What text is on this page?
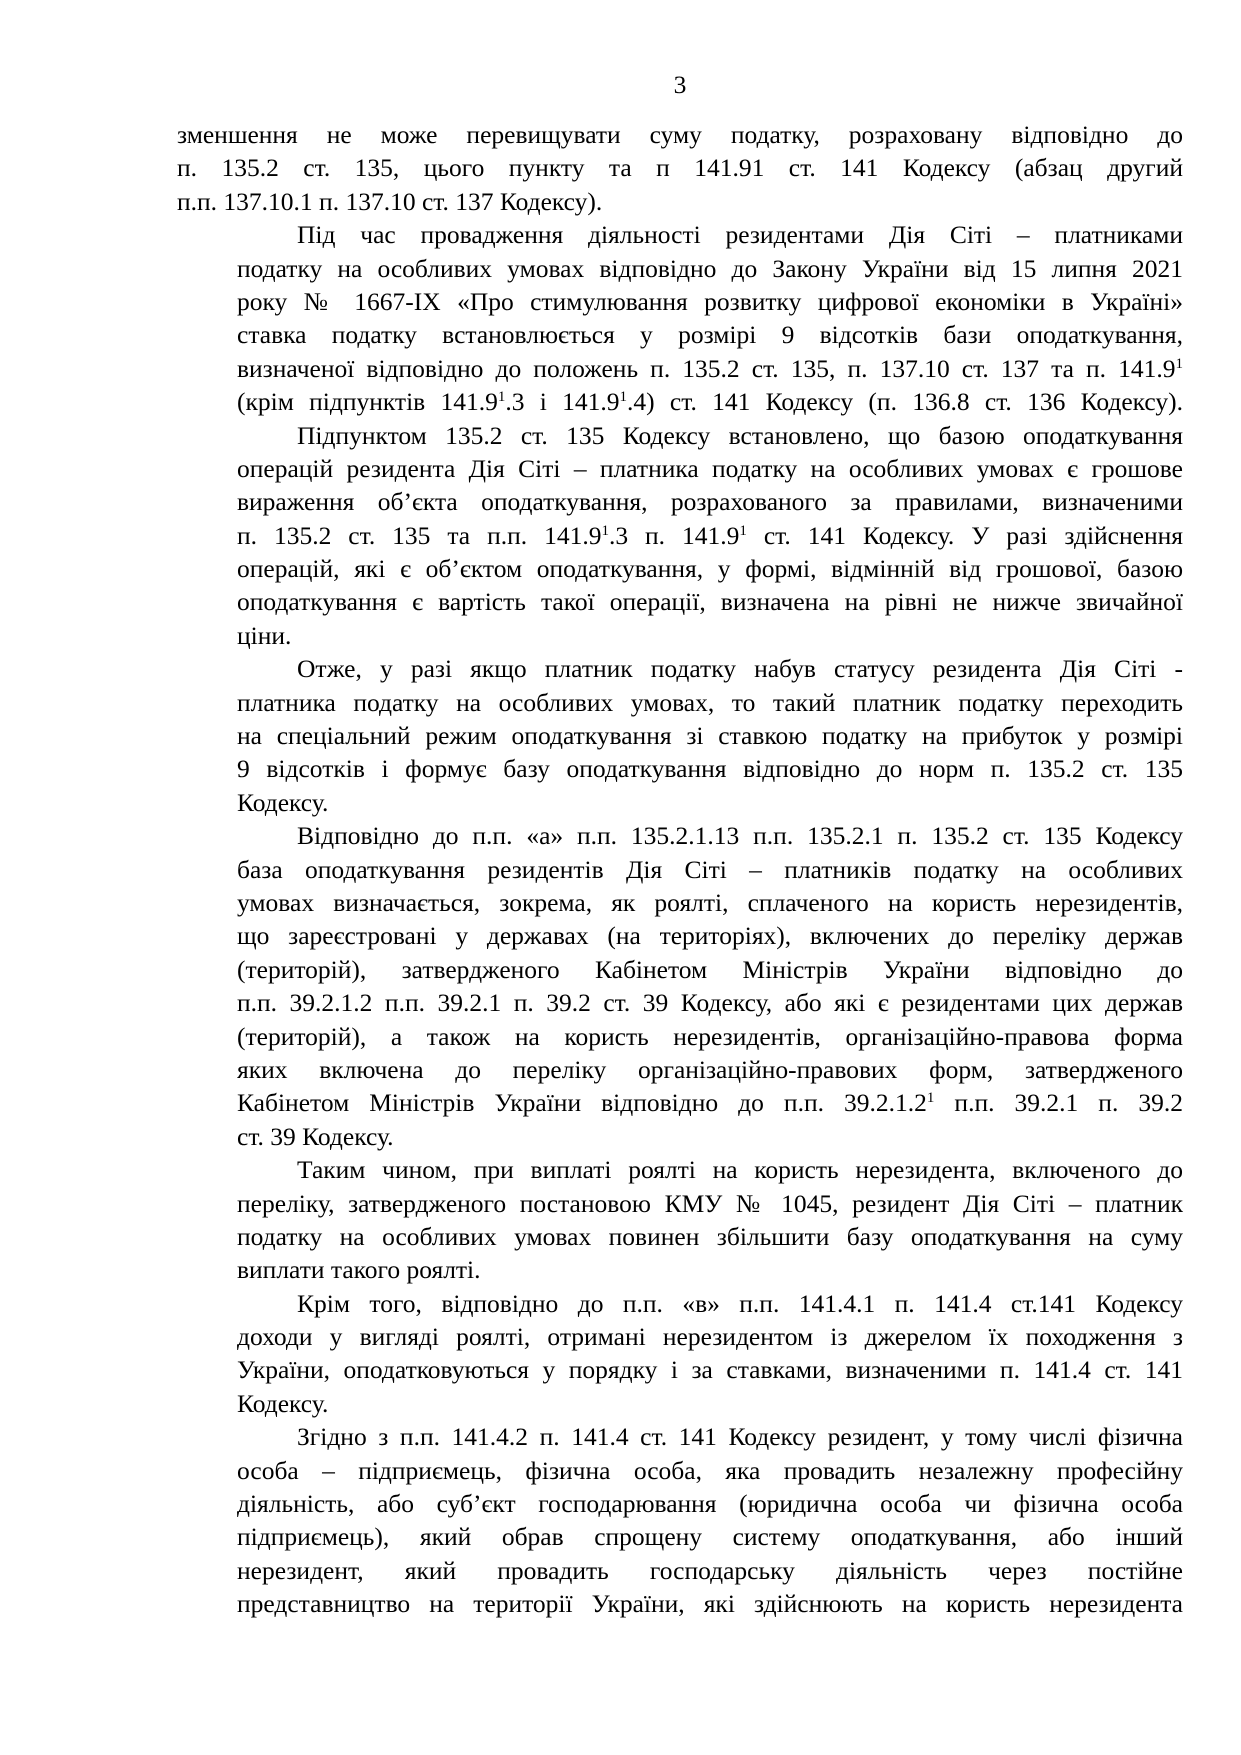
3
зменшення не може перевищувати суму податку, розраховану відповідно до
п. 135.2 ст. 135, цього пункту та п 141.91 ст. 141 Кодексу (абзац другий
п.п. 137.10.1 п. 137.10 ст. 137 Кодексу).
Під час провадження діяльності резидентами Дія Сіті – платниками
податку на особливих умовах відповідно до Закону України від 15 липня 2021
року № 1667-IX «Про стимулювання розвитку цифрової економіки в Україні»
ставка податку встановлюється у розмірі 9 відсотків бази оподаткування,
визначеної відповідно до положень п. 135.2 ст. 135, п. 137.10 ст. 137 та п. 141.9$^1$
(крім підпунктів 141.9$^1$.3 і 141.9$^1$.4) ст. 141 Кодексу (п. 136.8 ст. 136 Кодексу).
Підпунктом 135.2 ст. 135 Кодексу встановлено, що базою оподаткування
операцій резидента Дія Сіті – платника податку на особливих умовах є грошове
вираження об’єкта оподаткування, розрахованого за правилами, визначеними
п. 135.2 ст. 135 та п.п. 141.9$^1$.3 п. 141.9$^1$ ст. 141 Кодексу. У разі здійснення
операцій, які є об’єктом оподаткування, у формі, відмінній від грошової, базою
оподаткування є вартість такої операції, визначена на рівні не нижче звичайної
ціни.
Отже, у разі якщо платник податку набув статусу резидента Дія Сіті -
платника податку на особливих умовах, то такий платник податку переходить
на спеціальний режим оподаткування зі ставкою податку на прибуток у розмірі
9 відсотків і формує базу оподаткування відповідно до норм п. 135.2 ст. 135
Кодексу.
Відповідно до п.п. «а» п.п. 135.2.1.13 п.п. 135.2.1 п. 135.2 ст. 135 Кодексу
база оподаткування резидентів Дія Сіті – платників податку на особливих
умовах визначається, зокрема, як роялті, сплаченого на користь нерезидентів,
що зареєстровані у державах (на територіях), включених до переліку держав
(територій), затвердженого Кабінетом Міністрів України відповідно до
п.п. 39.2.1.2 п.п. 39.2.1 п. 39.2 ст. 39 Кодексу, або які є резидентами цих держав
(територій), а також на користь нерезидентів, організаційно-правова форма
яких включена до переліку організаційно-правових форм, затвердженого
Кабінетом Міністрів України відповідно до п.п. 39.2.1.2$^1$ п.п. 39.2.1 п. 39.2
ст. 39 Кодексу.
Таким чином, при виплаті роялті на користь нерезидента, включеного до
переліку, затвердженого постановою КМУ № 1045, резидент Дія Сіті – платник
податку на особливих умовах повинен збільшити базу оподаткування на суму
виплати такого роялті.
Крім того, відповідно до п.п. «в» п.п. 141.4.1 п. 141.4 ст.141 Кодексу
доходи у вигляді роялті, отримані нерезидентом із джерелом їх походження з
України, оподатковуються у порядку і за ставками, визначеними п. 141.4 ст. 141
Кодексу.
Згідно з п.п. 141.4.2 п. 141.4 ст. 141 Кодексу резидент, у тому числі фізична
особа – підприємець, фізична особа, яка провадить незалежну професійну
діяльність, або суб’єкт господарювання (юридична особа чи фізична особа
підприємець), який обрав спрощену систему оподаткування, або інший
нерезидент, який провадить господарську діяльність через постійне
представництво на території України, які здійснюють на користь нерезидента
